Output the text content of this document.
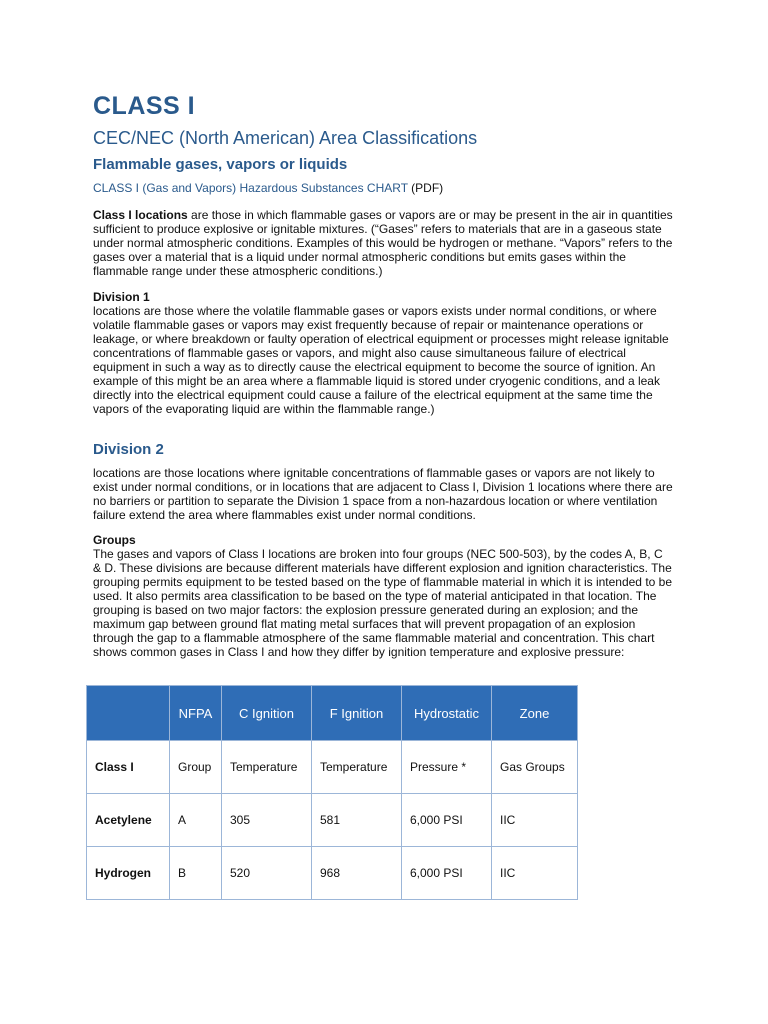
CLASS I
CEC/NEC (North American) Area Classifications
Flammable gases, vapors or liquids
CLASS I (Gas and Vapors) Hazardous Substances CHART (PDF)

Class I locations are those in which flammable gases or vapors are or may be present in the air in quantities sufficient to produce explosive or ignitable mixtures. (“Gases” refers to materials that are in a gaseous state under normal atmospheric conditions. Examples of this would be hydrogen or methane. “Vapors” refers to the gases over a material that is a liquid under normal atmospheric conditions but emits gases within the flammable range under these atmospheric conditions.)

Division 1
locations are those where the volatile flammable gases or vapors exists under normal conditions, or where volatile flammable gases or vapors may exist frequently because of repair or maintenance operations or leakage, or where breakdown or faulty operation of electrical equipment or processes might release ignitable concentrations of flammable gases or vapors, and might also cause simultaneous failure of electrical equipment in such a way as to directly cause the electrical equipment to become the source of ignition. An example of this might be an area where a flammable liquid is stored under cryogenic conditions, and a leak directly into the electrical equipment could cause a failure of the electrical equipment at the same time the vapors of the evaporating liquid are within the flammable range.)

Division 2

locations are those locations where ignitable concentrations of flammable gases or vapors are not likely to exist under normal conditions, or in locations that are adjacent to Class I, Division 1 locations where there are no barriers or partition to separate the Division 1 space from a non-hazardous location or where ventilation failure extend the area where flammables exist under normal conditions.

Groups
The gases and vapors of Class I locations are broken into four groups (NEC 500-503), by the codes A, B, C & D. These divisions are because different materials have different explosion and ignition characteristics. The grouping permits equipment to be tested based on the type of flammable material in which it is intended to be used. It also permits area classification to be based on the type of material anticipated in that location. The grouping is based on two major factors: the explosion pressure generated during an explosion; and the maximum gap between ground flat mating metal surfaces that will prevent propagation of an explosion through the gap to a flammable atmosphere of the same flammable material and concentration. This chart shows common gases in Class I and how they differ by ignition temperature and explosive pressure:

	NFPA	C Ignition	F Ignition	Hydrostatic	Zone
Class I	Group	Temperature	Temperature	Pressure *	Gas Groups
Acetylene	A	305	581	6,000 PSI	IIC
Hydrogen	B	520	968	6,000 PSI	IIC
